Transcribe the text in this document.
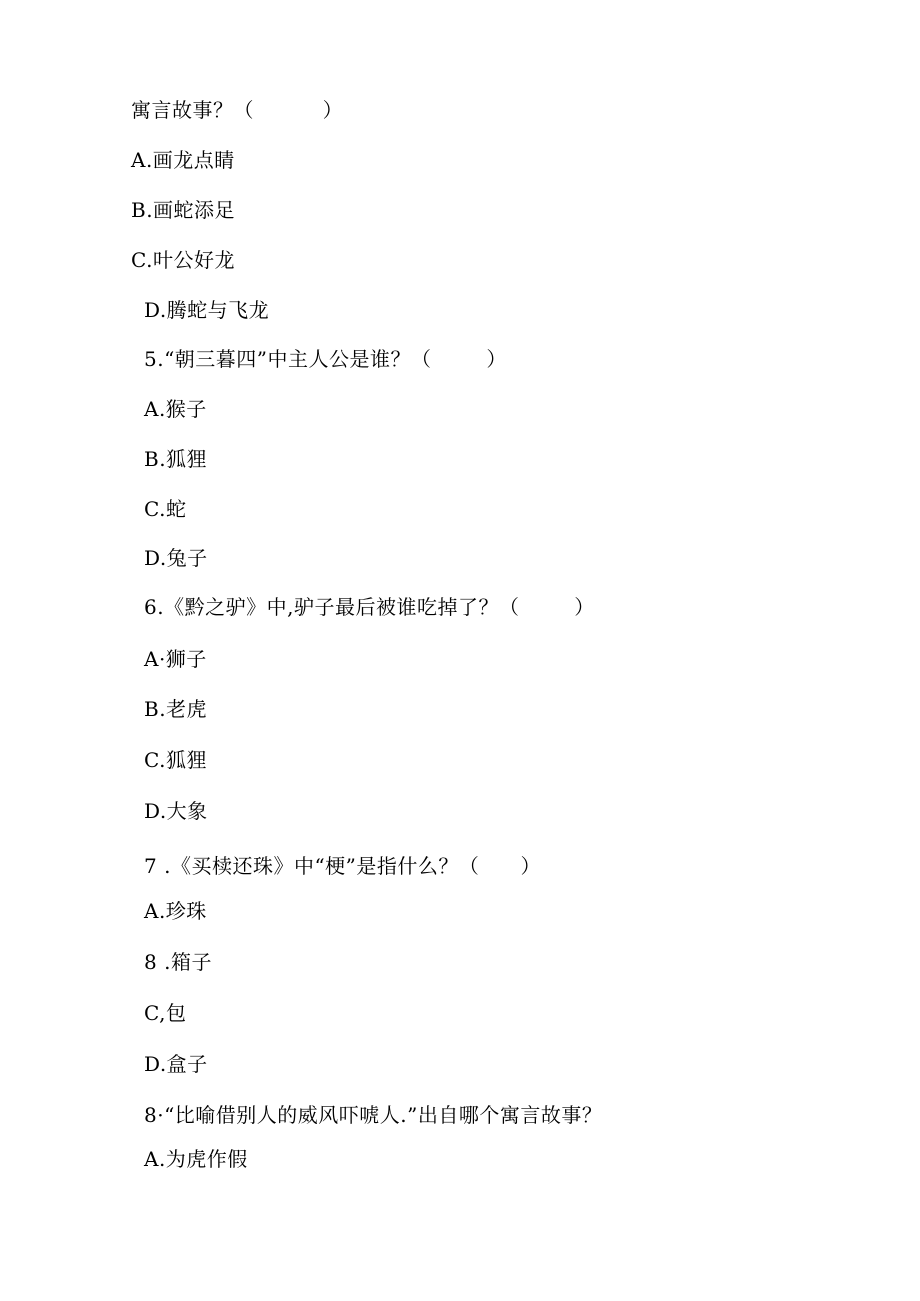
寓言故事？（          ）
A.画龙点睛
B.画蛇添足
C.叶公好龙
D.腾蛇与飞龙
5.“朝三暮四”中主人公是谁？（        ）
A.猴子
B.狐狸
C.蛇
D.兔子
6.《黔之驴》中,驴子最后被谁吃掉了？（        ）
A·狮子
B.老虎
C.狐狸
D.大象
7 .《买椟还珠》中“梗”是指什么？（      ）
A.珍珠
8 .箱子
C,包
D.盒子
8·“比喻借别人的威风吓唬人.”出自哪个寓言故事？
A.为虎作假
